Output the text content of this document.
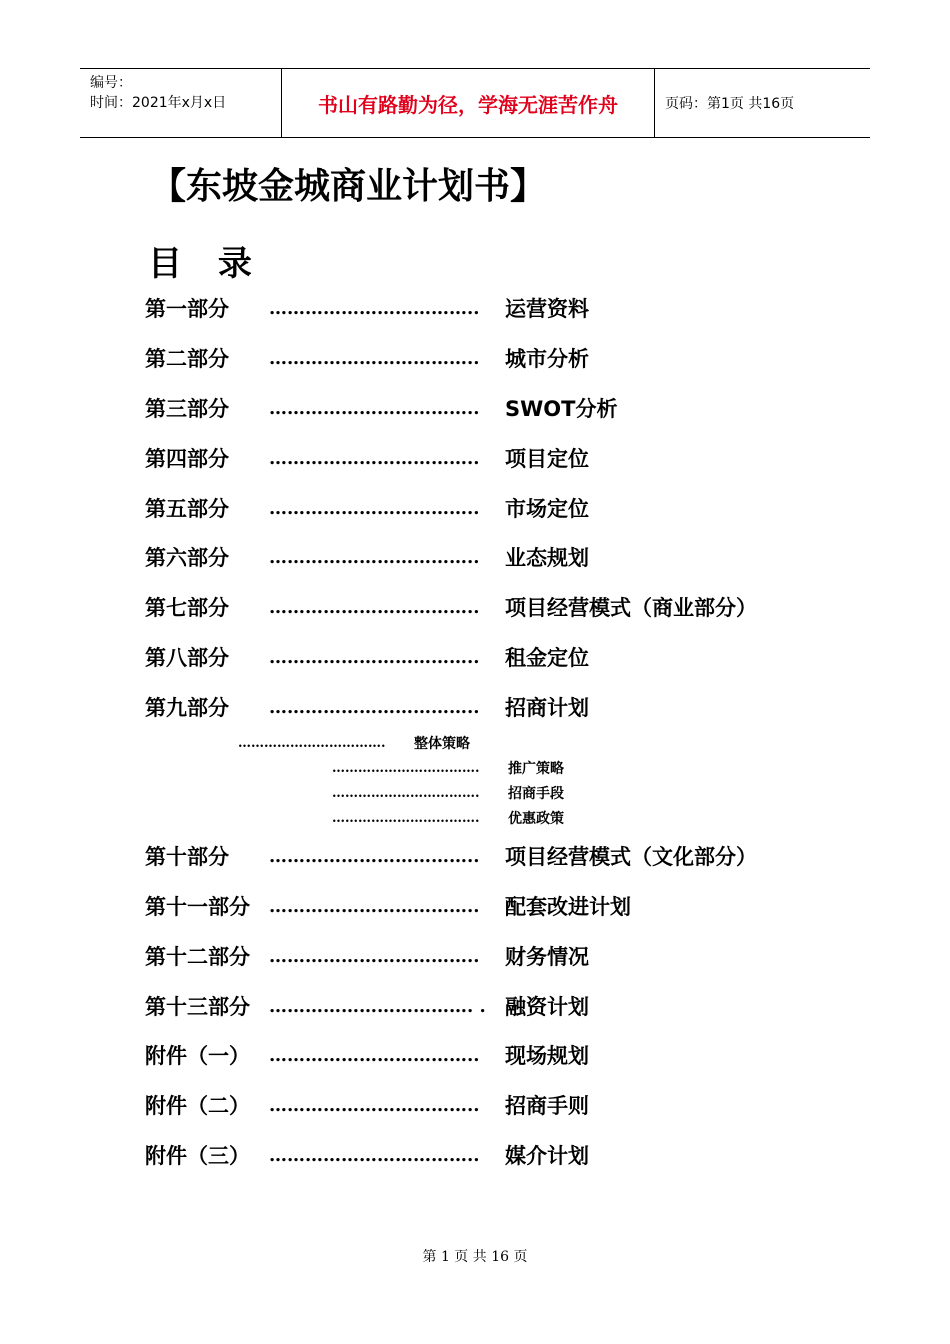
编号：
时间：2021年x月x日	书山有路勤为径，学海无涯苦作舟	页码：第1页 共16页
【东坡金城商业计划书】
目 录
第一部分	……………………………..	运营资料
第二部分	……………………………..	城市分析
第三部分	……………………………..	SWOT分析
第四部分	……………………………..	项目定位
第五部分	……………………………..	市场定位
第六部分	……………………………..	业态规划
第七部分	……………………………..	项目经营模式（商业部分）
第八部分	……………………………..	租金定位
第九部分	……………………………..	招商计划
…………………………….	整体策略
…………………………….	推广策略
…………………………….	招商手段
…………………………….	优惠政策
第十部分	……………………………..	项目经营模式（文化部分）
第十一部分	……………………………..	配套改进计划
第十二部分	……………………………..	财务情况
第十三部分	……………………………. . 融资计划
附件（一）	……………………………..	现场规划
附件（二）	……………………………..	招商手则
附件（三）	……………………………..	媒介计划
第 1 页 共 16 页
